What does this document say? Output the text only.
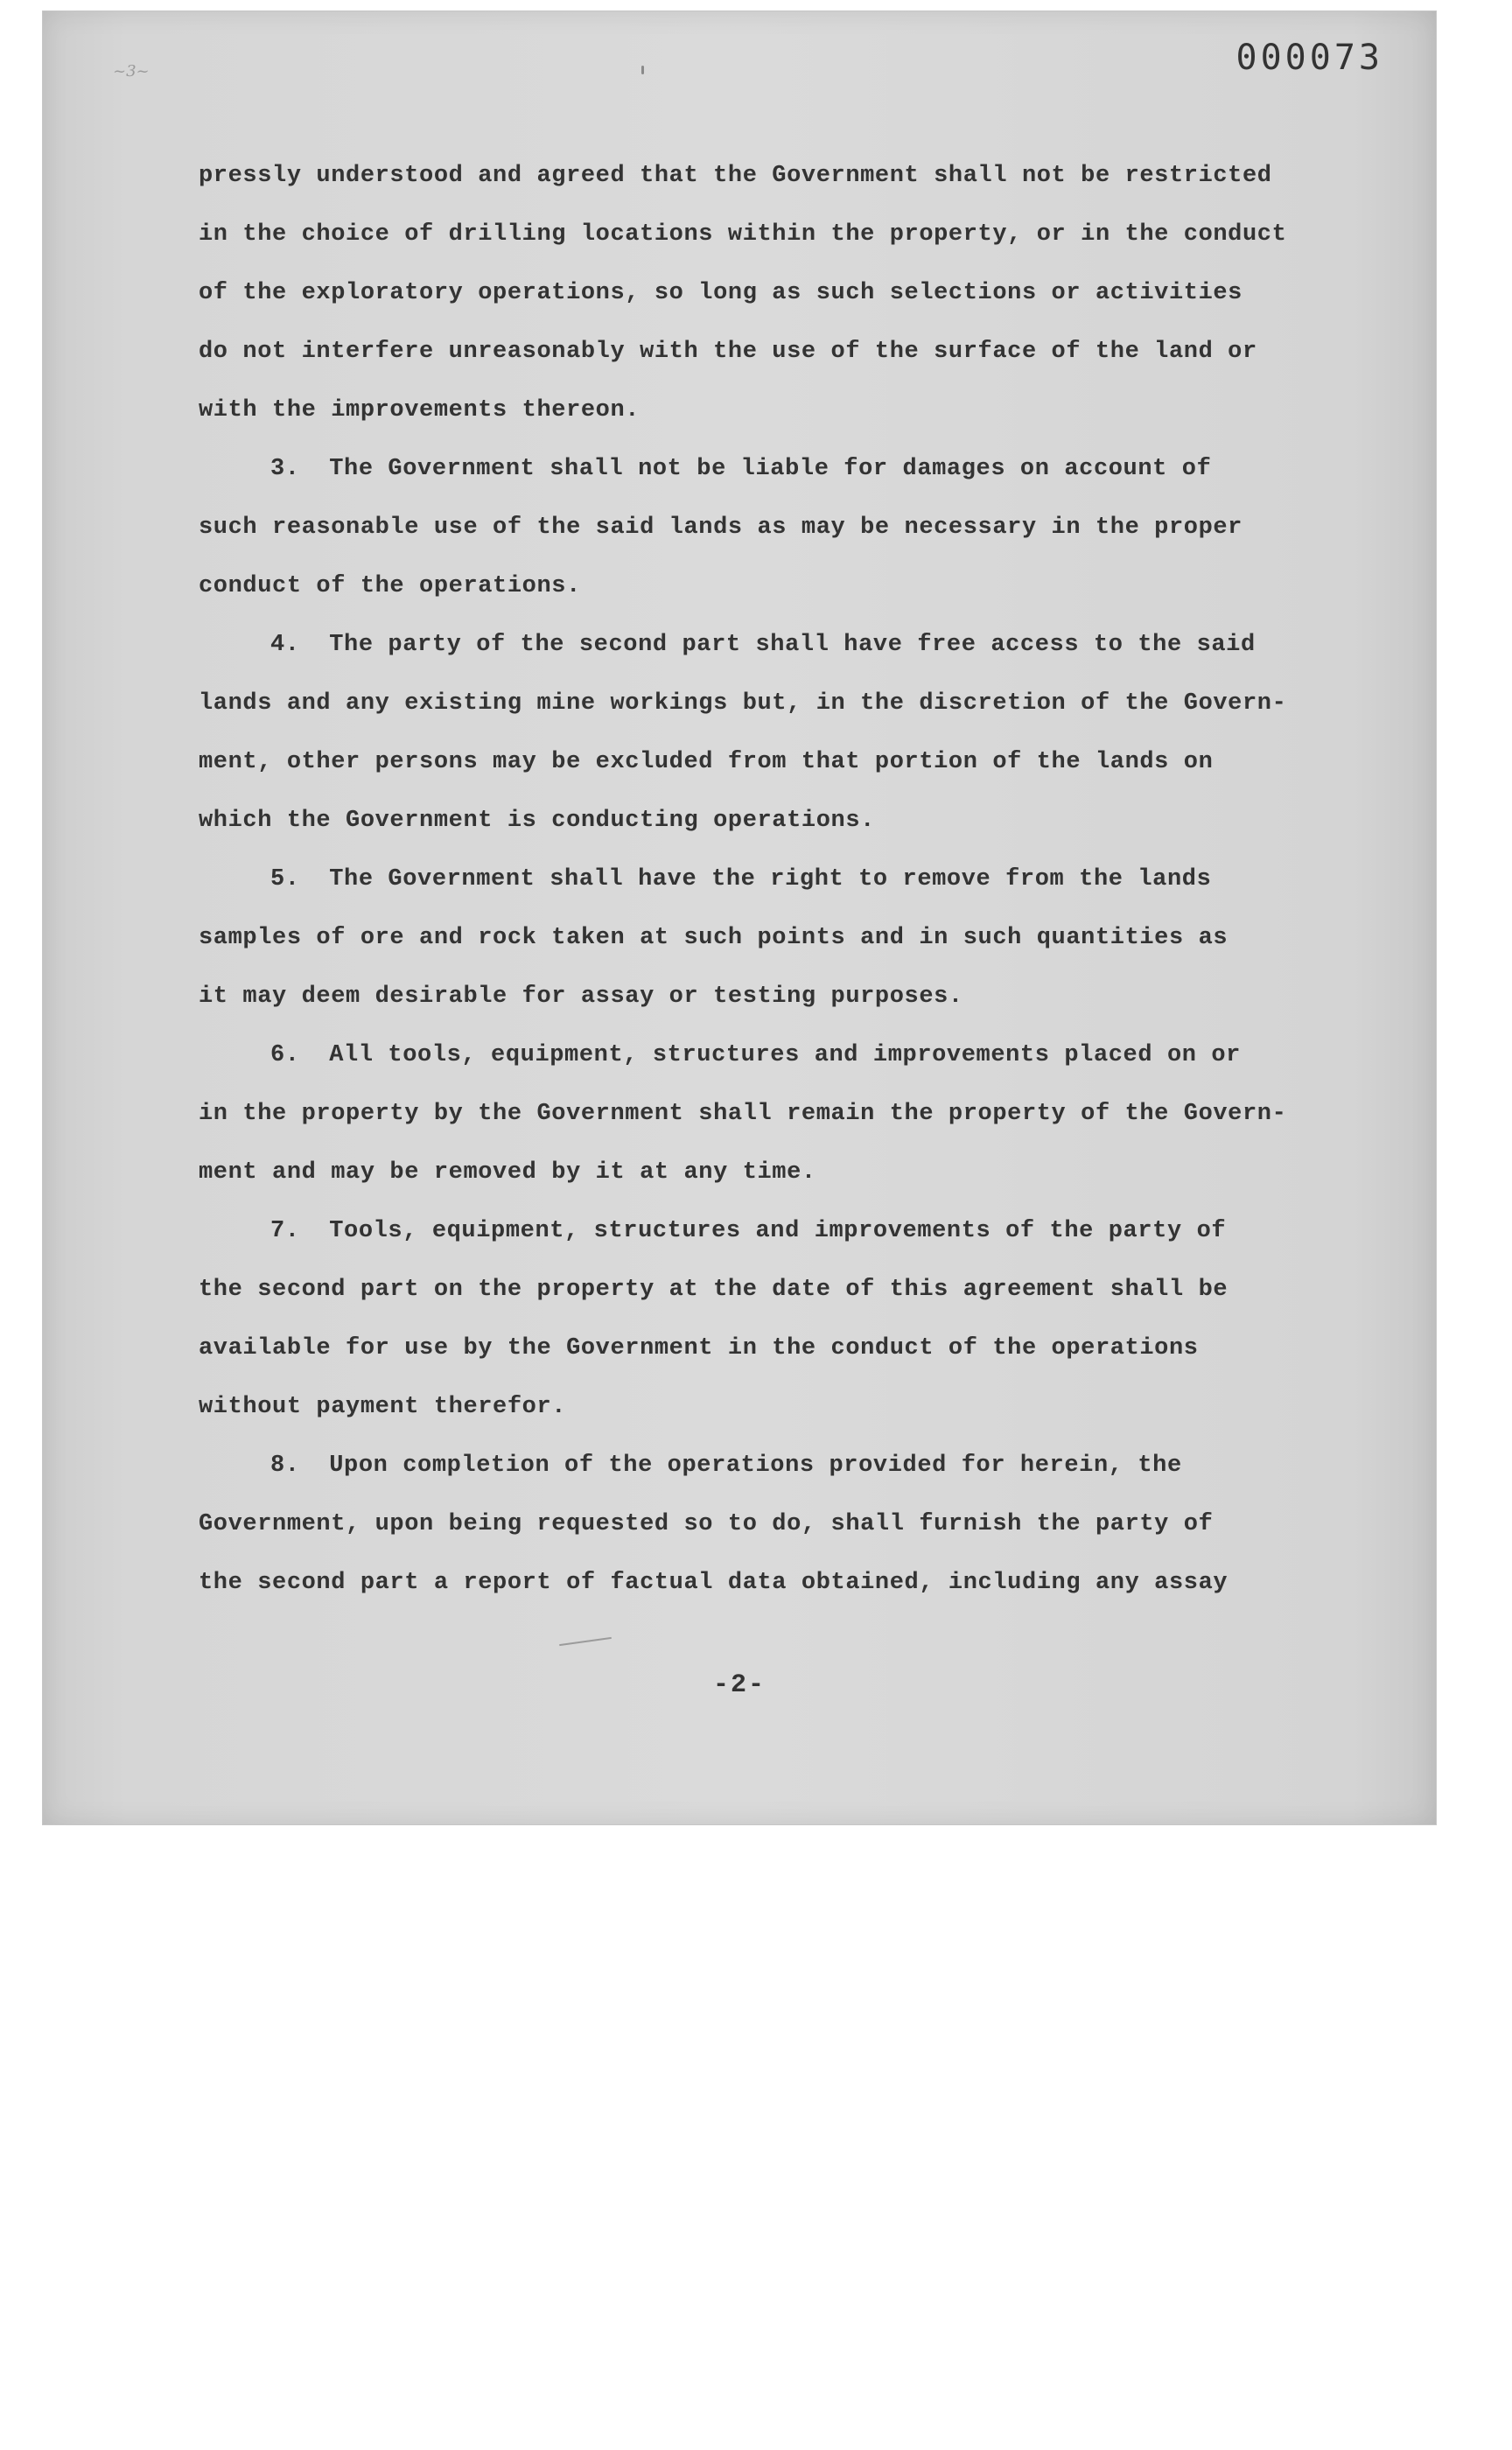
~3~	000073
pressly understood and agreed that the Government shall not be restricted
in the choice of drilling locations within the property, or in the conduct
of the exploratory operations, so long as such selections or activities
do not interfere unreasonably with the use of the surface of the land or
with the improvements thereon.
3.  The Government shall not be liable for damages on account of
such reasonable use of the said lands as may be necessary in the proper
conduct of the operations.
4.  The party of the second part shall have free access to the said
lands and any existing mine workings but, in the discretion of the Govern-
ment, other persons may be excluded from that portion of the lands on
which the Government is conducting operations.
5.  The Government shall have the right to remove from the lands
samples of ore and rock taken at such points and in such quantities as
it may deem desirable for assay or testing purposes.
6.  All tools, equipment, structures and improvements placed on or
in the property by the Government shall remain the property of the Govern-
ment and may be removed by it at any time.
7.  Tools, equipment, structures and improvements of the party of
the second part on the property at the date of this agreement shall be
available for use by the Government in the conduct of the operations
without payment therefor.
8.  Upon completion of the operations provided for herein, the
Government, upon being requested so to do, shall furnish the party of
the second part a report of factual data obtained, including any assay
-2-
